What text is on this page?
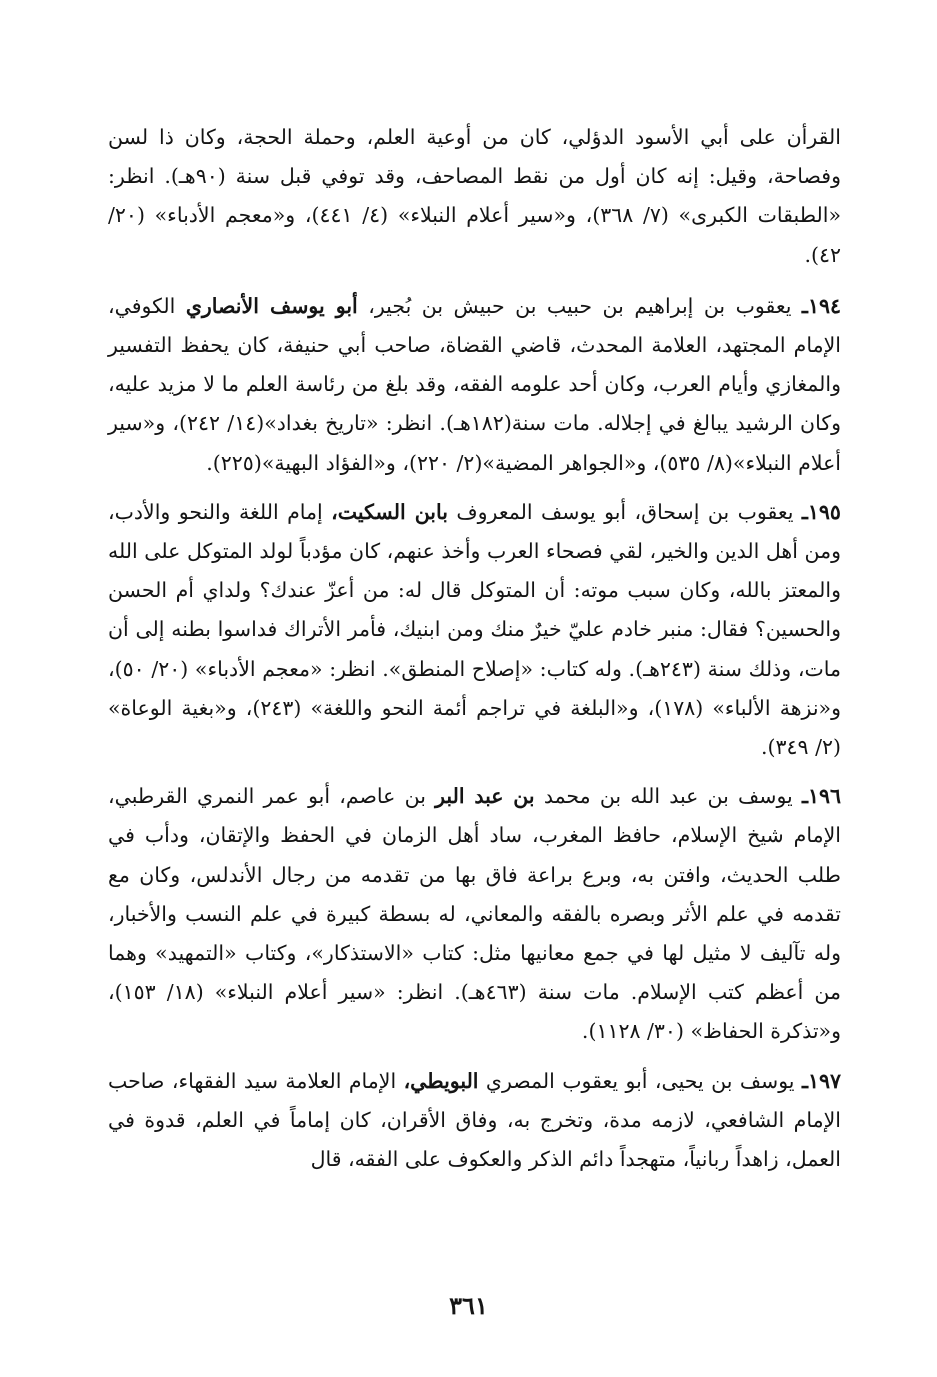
القرأن على أبي الأسود الدؤلي، كان من أوعية العلم، وحملة الحجة، وكان ذا لسن وفصاحة، وقيل: إنه كان أول من نقط المصاحف، وقد توفي قبل سنة (٩٠هـ). انظر: «الطبقات الكبرى» (٧/ ٣٦٨)، و«سير أعلام النبلاء» (٤/ ٤٤١)، و«معجم الأدباء» (٢٠/ ٤٢).

١٩٤ـ يعقوب بن إبراهيم بن حبيب بن حبيش بن بُجير، أبو يوسف الأنصاري الكوفي، الإمام المجتهد، العلامة المحدث، قاضي القضاة، صاحب أبي حنيفة، كان يحفظ التفسير والمغازي وأيام العرب، وكان أحد علومه الفقه، وقد بلغ من رئاسة العلم ما لا مزيد عليه، وكان الرشيد يبالغ في إجلاله. مات سنة(١٨٢هـ). انظر: «تاريخ بغداد»(١٤/ ٢٤٢)، و«سير أعلام النبلاء»(٨/ ٥٣٥)، و«الجواهر المضية»(٢/ ٢٢٠)، و«الفؤاد البهية»(٢٢٥).

١٩٥ـ يعقوب بن إسحاق، أبو يوسف المعروف بابن السكيت، إمام اللغة والنحو والأدب، ومن أهل الدين والخير، لقي فصحاء العرب وأخذ عنهم، كان مؤدباً لولد المتوكل على الله والمعتز بالله، وكان سبب موته: أن المتوكل قال له: من أعزّ عندك؟ ولداي أم الحسن والحسين؟ فقال: منبر خادم عليّ خيرٌ منك ومن ابنيك، فأمر الأتراك فداسوا بطنه إلى أن مات، وذلك سنة (٢٤٣هـ). وله كتاب: «إصلاح المنطق». انظر: «معجم الأدباء» (٢٠/ ٥٠)، و«نزهة الألباء» (١٧٨)، و«البلغة في تراجم أئمة النحو واللغة» (٢٤٣)، و«بغية الوعاة» (٢/ ٣٤٩).

١٩٦ـ يوسف بن عبد الله بن محمد بن عبد البر بن عاصم، أبو عمر النمري القرطبي، الإمام شيخ الإسلام، حافظ المغرب، ساد أهل الزمان في الحفظ والإتقان، ودأب في طلب الحديث، وافتن به، وبرع براعة فاق بها من تقدمه من رجال الأندلس، وكان مع تقدمه في علم الأثر وبصره بالفقه والمعاني، له بسطة كبيرة في علم النسب والأخبار، وله تآليف لا مثيل لها في جمع معانيها مثل: كتاب «الاستذكار»، وكتاب «التمهيد» وهما من أعظم كتب الإسلام. مات سنة (٤٦٣هـ). انظر: «سير أعلام النبلاء» (١٨/ ١٥٣)، و«تذكرة الحفاظ» (٣٠/ ١١٢٨).

١٩٧ـ يوسف بن يحيى، أبو يعقوب المصري البويطي، الإمام العلامة سيد الفقهاء، صاحب الإمام الشافعي، لازمه مدة، وتخرج به، وفاق الأقران، كان إماماً في العلم، قدوة في العمل، زاهداً ربانياً، متهجداً دائم الذكر والعكوف على الفقه، قال

٣٦١
